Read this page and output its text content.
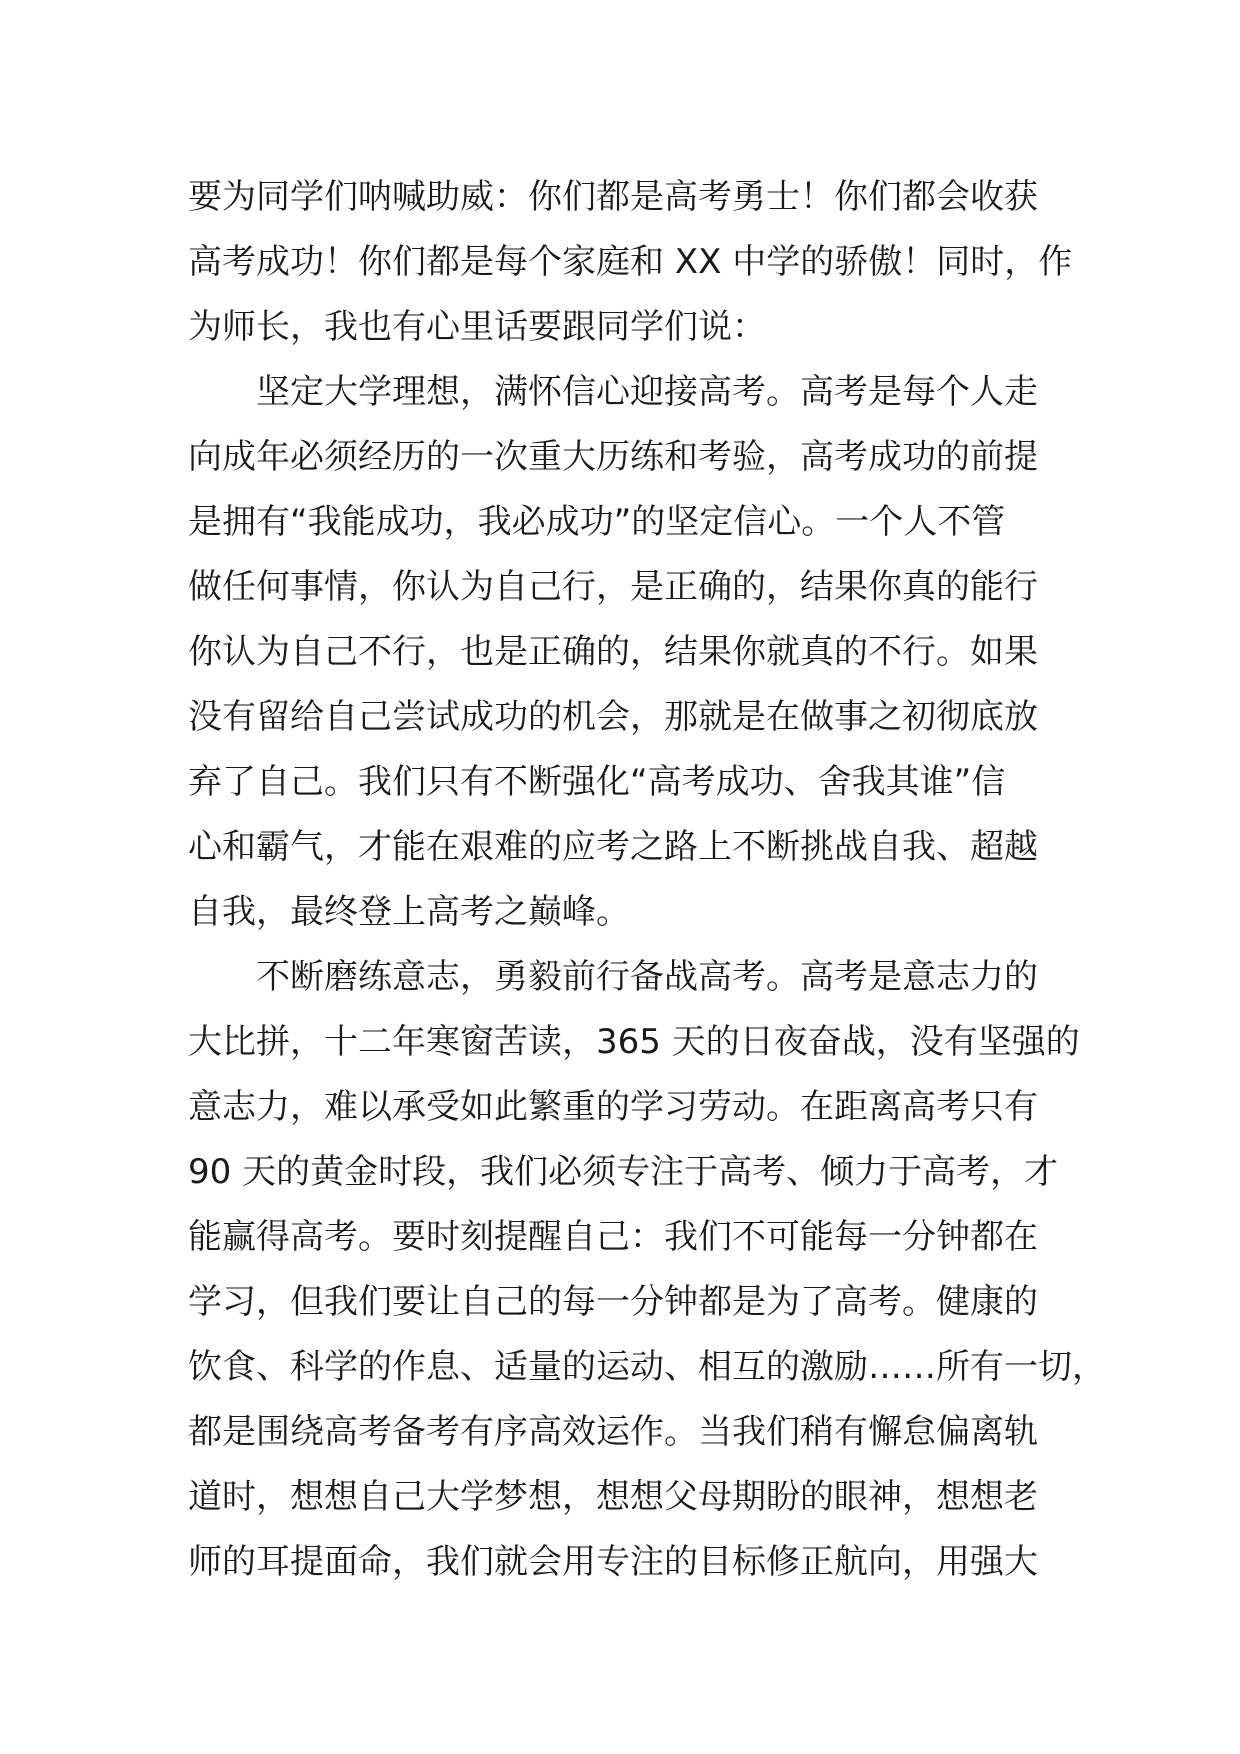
要为同学们呐喊助威：你们都是高考勇士！你们都会收获
高考成功！你们都是每个家庭和 XX 中学的骄傲！同时，作
为师长，我也有心里话要跟同学们说：
坚定大学理想，满怀信心迎接高考。高考是每个人走
向成年必须经历的一次重大历练和考验，高考成功的前提
是拥有“我能成功，我必成功”的坚定信心。一个人不管
做任何事情，你认为自己行，是正确的，结果你真的能行
你认为自己不行，也是正确的，结果你就真的不行。如果
没有留给自己尝试成功的机会，那就是在做事之初彻底放
弃了自己。我们只有不断强化“高考成功、舍我其谁”信
心和霸气，才能在艰难的应考之路上不断挑战自我、超越
自我，最终登上高考之巅峰。
不断磨练意志，勇毅前行备战高考。高考是意志力的
大比拼，十二年寒窗苦读，365 天的日夜奋战，没有坚强的
意志力，难以承受如此繁重的学习劳动。在距离高考只有
90 天的黄金时段，我们必须专注于高考、倾力于高考，才
能赢得高考。要时刻提醒自己：我们不可能每一分钟都在
学习，但我们要让自己的每一分钟都是为了高考。健康的
饮食、科学的作息、适量的运动、相互的激励……所有一切，
都是围绕高考备考有序高效运作。当我们稍有懈怠偏离轨
道时，想想自己大学梦想，想想父母期盼的眼神，想想老
师的耳提面命，我们就会用专注的目标修正航向，用强大
